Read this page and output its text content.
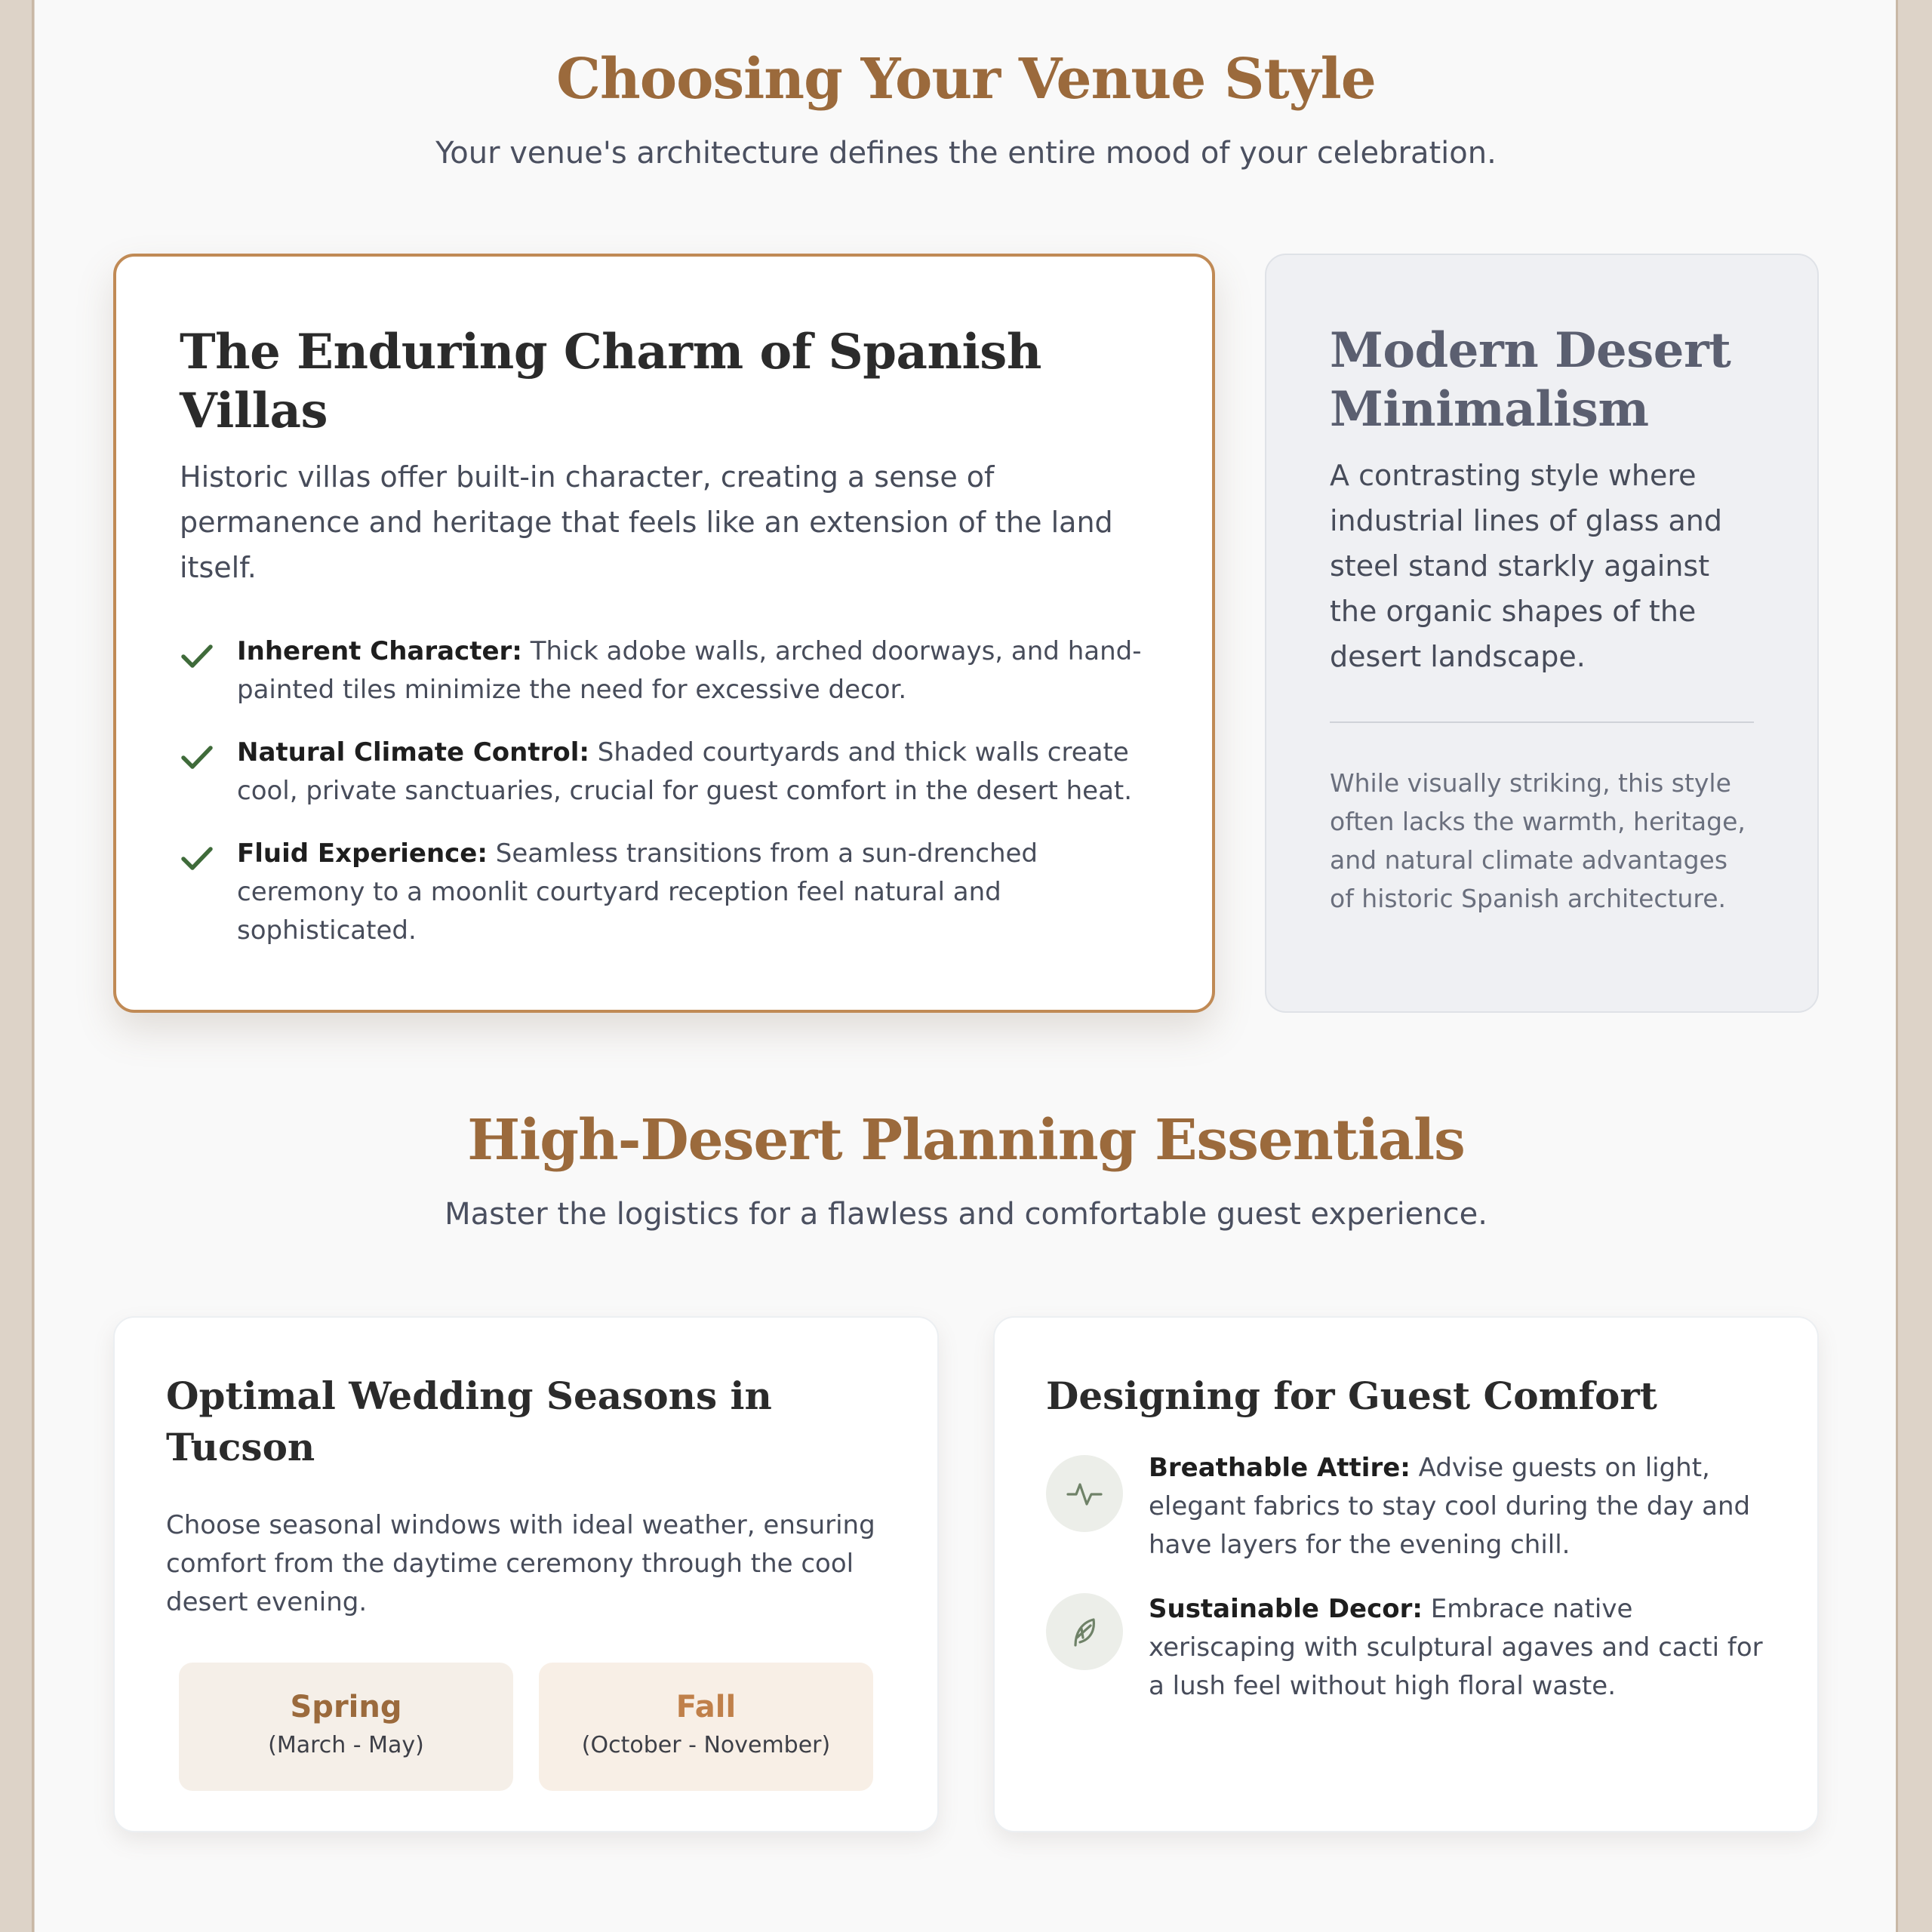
Choosing Your Venue Style

Your venue's architecture defines the entire mood of your celebration.

The Enduring Charm of Spanish Villas

Historic villas offer built-in character, creating a sense of permanence and heritage that feels like an extension of the land itself.

Inherent Character: Thick adobe walls, arched doorways, and hand-painted tiles minimize the need for excessive decor.
Natural Climate Control: Shaded courtyards and thick walls create cool, private sanctuaries, crucial for guest comfort in the desert heat.
Fluid Experience: Seamless transitions from a sun-drenched ceremony to a moonlit courtyard reception feel natural and sophisticated.
Modern Desert Minimalism

A contrasting style where industrial lines of glass and steel stand starkly against the organic shapes of the desert landscape.

While visually striking, this style often lacks the warmth, heritage, and natural climate advantages of historic Spanish architecture.

High-Desert Planning Essentials

Master the logistics for a flawless and comfortable guest experience.

Optimal Wedding Seasons in Tucson

Choose seasonal windows with ideal weather, ensuring comfort from the daytime ceremony through the cool desert evening.

Spring
(March - May)
Fall
(October - November)
Designing for Guest Comfort
Breathable Attire: Advise guests on light, elegant fabrics to stay cool during the day and have layers for the evening chill.
Sustainable Decor: Embrace native xeriscaping with sculptural agaves and cacti for a lush feel without high floral waste.
